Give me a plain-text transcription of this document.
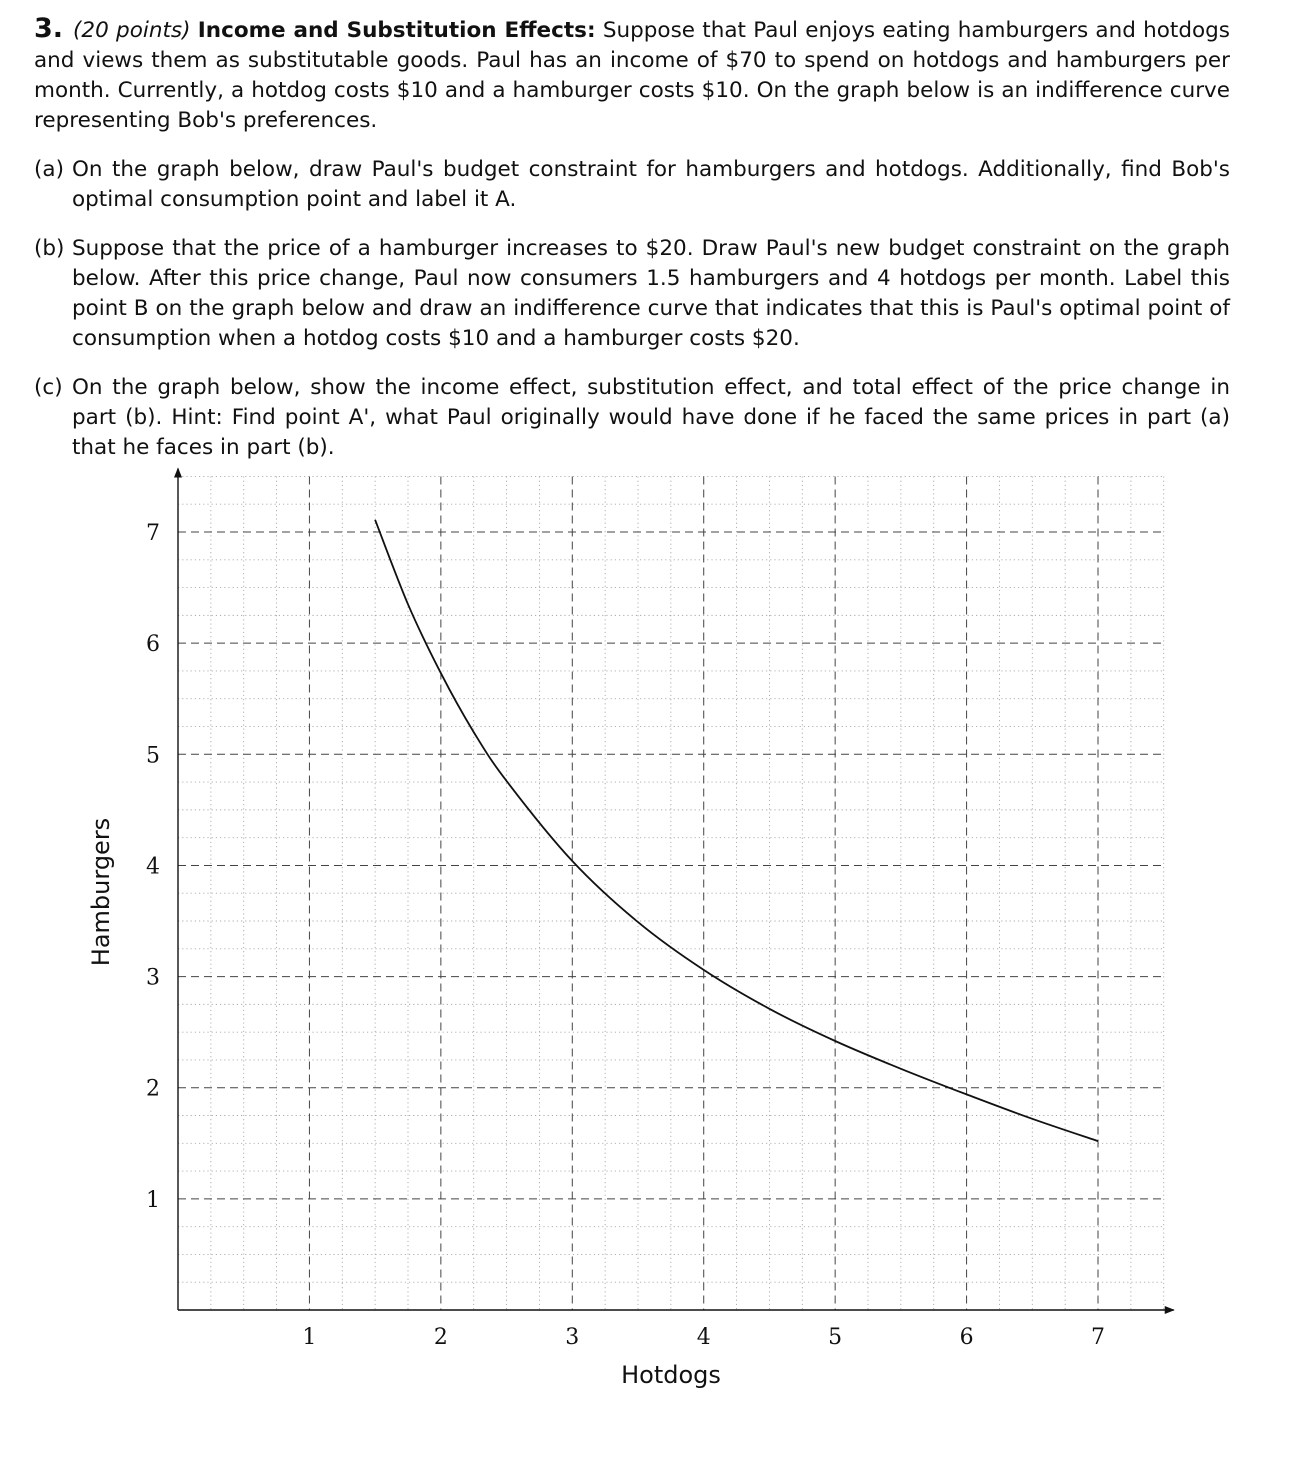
3. (20 points) Income and Substitution Effects: Suppose that Paul enjoys eating hamburgers and hotdogs and views them as substitutable goods. Paul has an income of $70 to spend on hotdogs and hamburgers per month. Currently, a hotdog costs $10 and a hamburger costs $10. On the graph below is an indifference curve representing Bob's preferences.

(a) On the graph below, draw Paul's budget constraint for hamburgers and hotdogs. Additionally, find Bob's optimal consumption point and label it A.
(b) Suppose that the price of a hamburger increases to $20. Draw Paul's new budget constraint on the graph below. After this price change, Paul now consumers 1.5 hamburgers and 4 hotdogs per month. Label this point B on the graph below and draw an indifference curve that indicates that this is Paul's optimal point of consumption when a hotdog costs $10 and a hamburger costs $20.
(c) On the graph below, show the income effect, substitution effect, and total effect of the price change in part (b). Hint: Find point A', what Paul originally would have done if he faced the same prices in part (a) that he faces in part (b).
1	2	3	4	5	6	7
1
2
3
4
5
6
7
Hotdogs
Hamburgers
